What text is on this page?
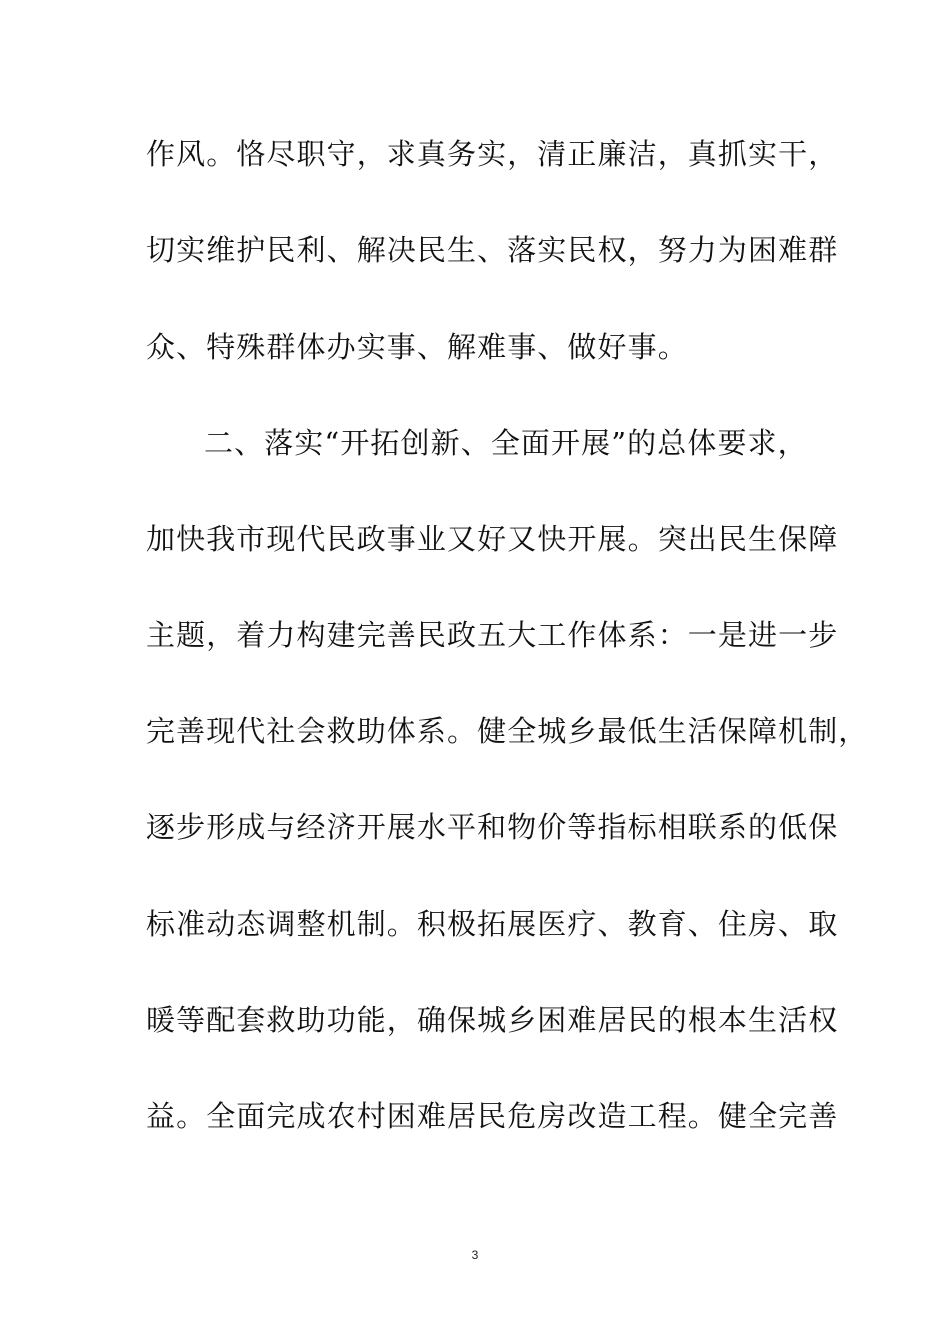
作风。恪尽职守，求真务实，清正廉洁，真抓实干，
切实维护民利、解决民生、落实民权，努力为困难群
众、特殊群体办实事、解难事、做好事。
二、落实“开拓创新、全面开展”的总体要求，
加快我市现代民政事业又好又快开展。突出民生保障
主题，着力构建完善民政五大工作体系：一是进一步
完善现代社会救助体系。健全城乡最低生活保障机制，
逐步形成与经济开展水平和物价等指标相联系的低保
标准动态调整机制。积极拓展医疗、教育、住房、取
暖等配套救助功能，确保城乡困难居民的根本生活权
益。全面完成农村困难居民危房改造工程。健全完善
3
